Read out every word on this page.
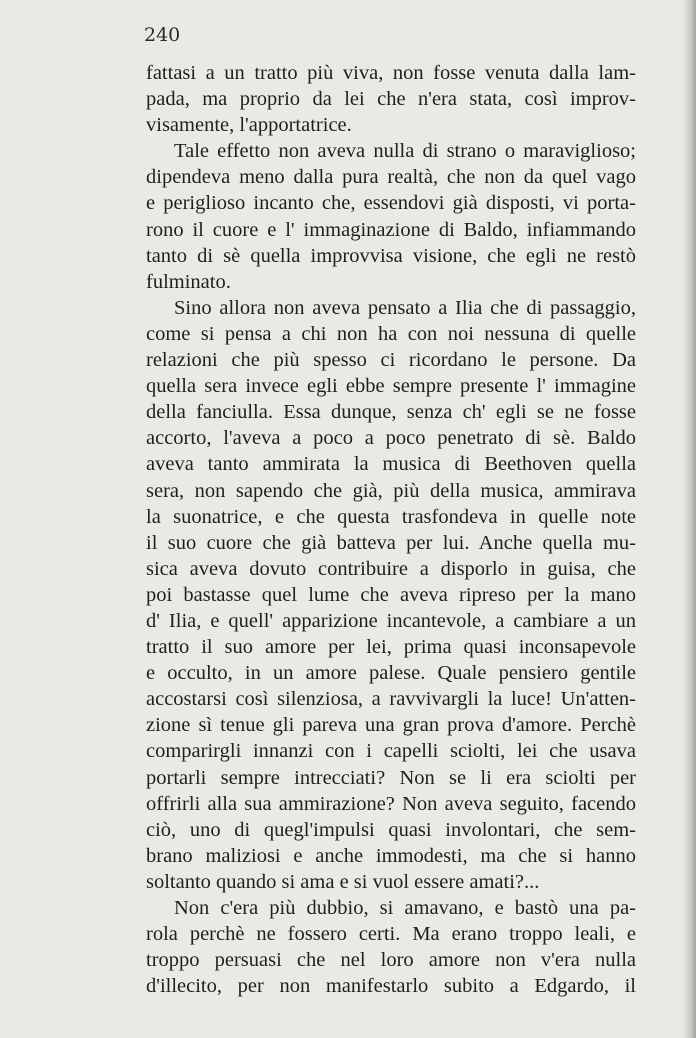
240

fattasi a un tratto più viva, non fosse venuta dalla lam-
pada, ma proprio da lei che n'era stata, così improv-
visamente, l'apportatrice.
Tale effetto non aveva nulla di strano o maraviglioso;
dipendeva meno dalla pura realtà, che non da quel vago
e periglioso incanto che, essendovi già disposti, vi porta-
rono il cuore e l' immaginazione di Baldo, infiammando
tanto di sè quella improvvisa visione, che egli ne restò
fulminato.
Sino allora non aveva pensato a Ilia che di passaggio,
come si pensa a chi non ha con noi nessuna di quelle
relazioni che più spesso ci ricordano le persone. Da
quella sera invece egli ebbe sempre presente l' immagine
della fanciulla. Essa dunque, senza ch' egli se ne fosse
accorto, l'aveva a poco a poco penetrato di sè. Baldo
aveva tanto ammirata la musica di Beethoven quella
sera, non sapendo che già, più della musica, ammirava
la suonatrice, e che questa trasfondeva in quelle note
il suo cuore che già batteva per lui. Anche quella mu-
sica aveva dovuto contribuire a disporlo in guisa, che
poi bastasse quel lume che aveva ripreso per la mano
d' Ilia, e quell' apparizione incantevole, a cambiare a un
tratto il suo amore per lei, prima quasi inconsapevole
e occulto, in un amore palese. Quale pensiero gentile
accostarsi così silenziosa, a ravvivargli la luce! Un'atten-
zione sì tenue gli pareva una gran prova d'amore. Perchè
comparirgli innanzi con i capelli sciolti, lei che usava
portarli sempre intrecciati? Non se li era sciolti per
offrirli alla sua ammirazione? Non aveva seguito, facendo
ciò, uno di quegl'impulsi quasi involontari, che sem-
brano maliziosi e anche immodesti, ma che si hanno
soltanto quando si ama e si vuol essere amati?...
Non c'era più dubbio, si amavano, e bastò una pa-
rola perchè ne fossero certi. Ma erano troppo leali, e
troppo persuasi che nel loro amore non v'era nulla
d'illecito, per non manifestarlo subito a Edgardo, il
